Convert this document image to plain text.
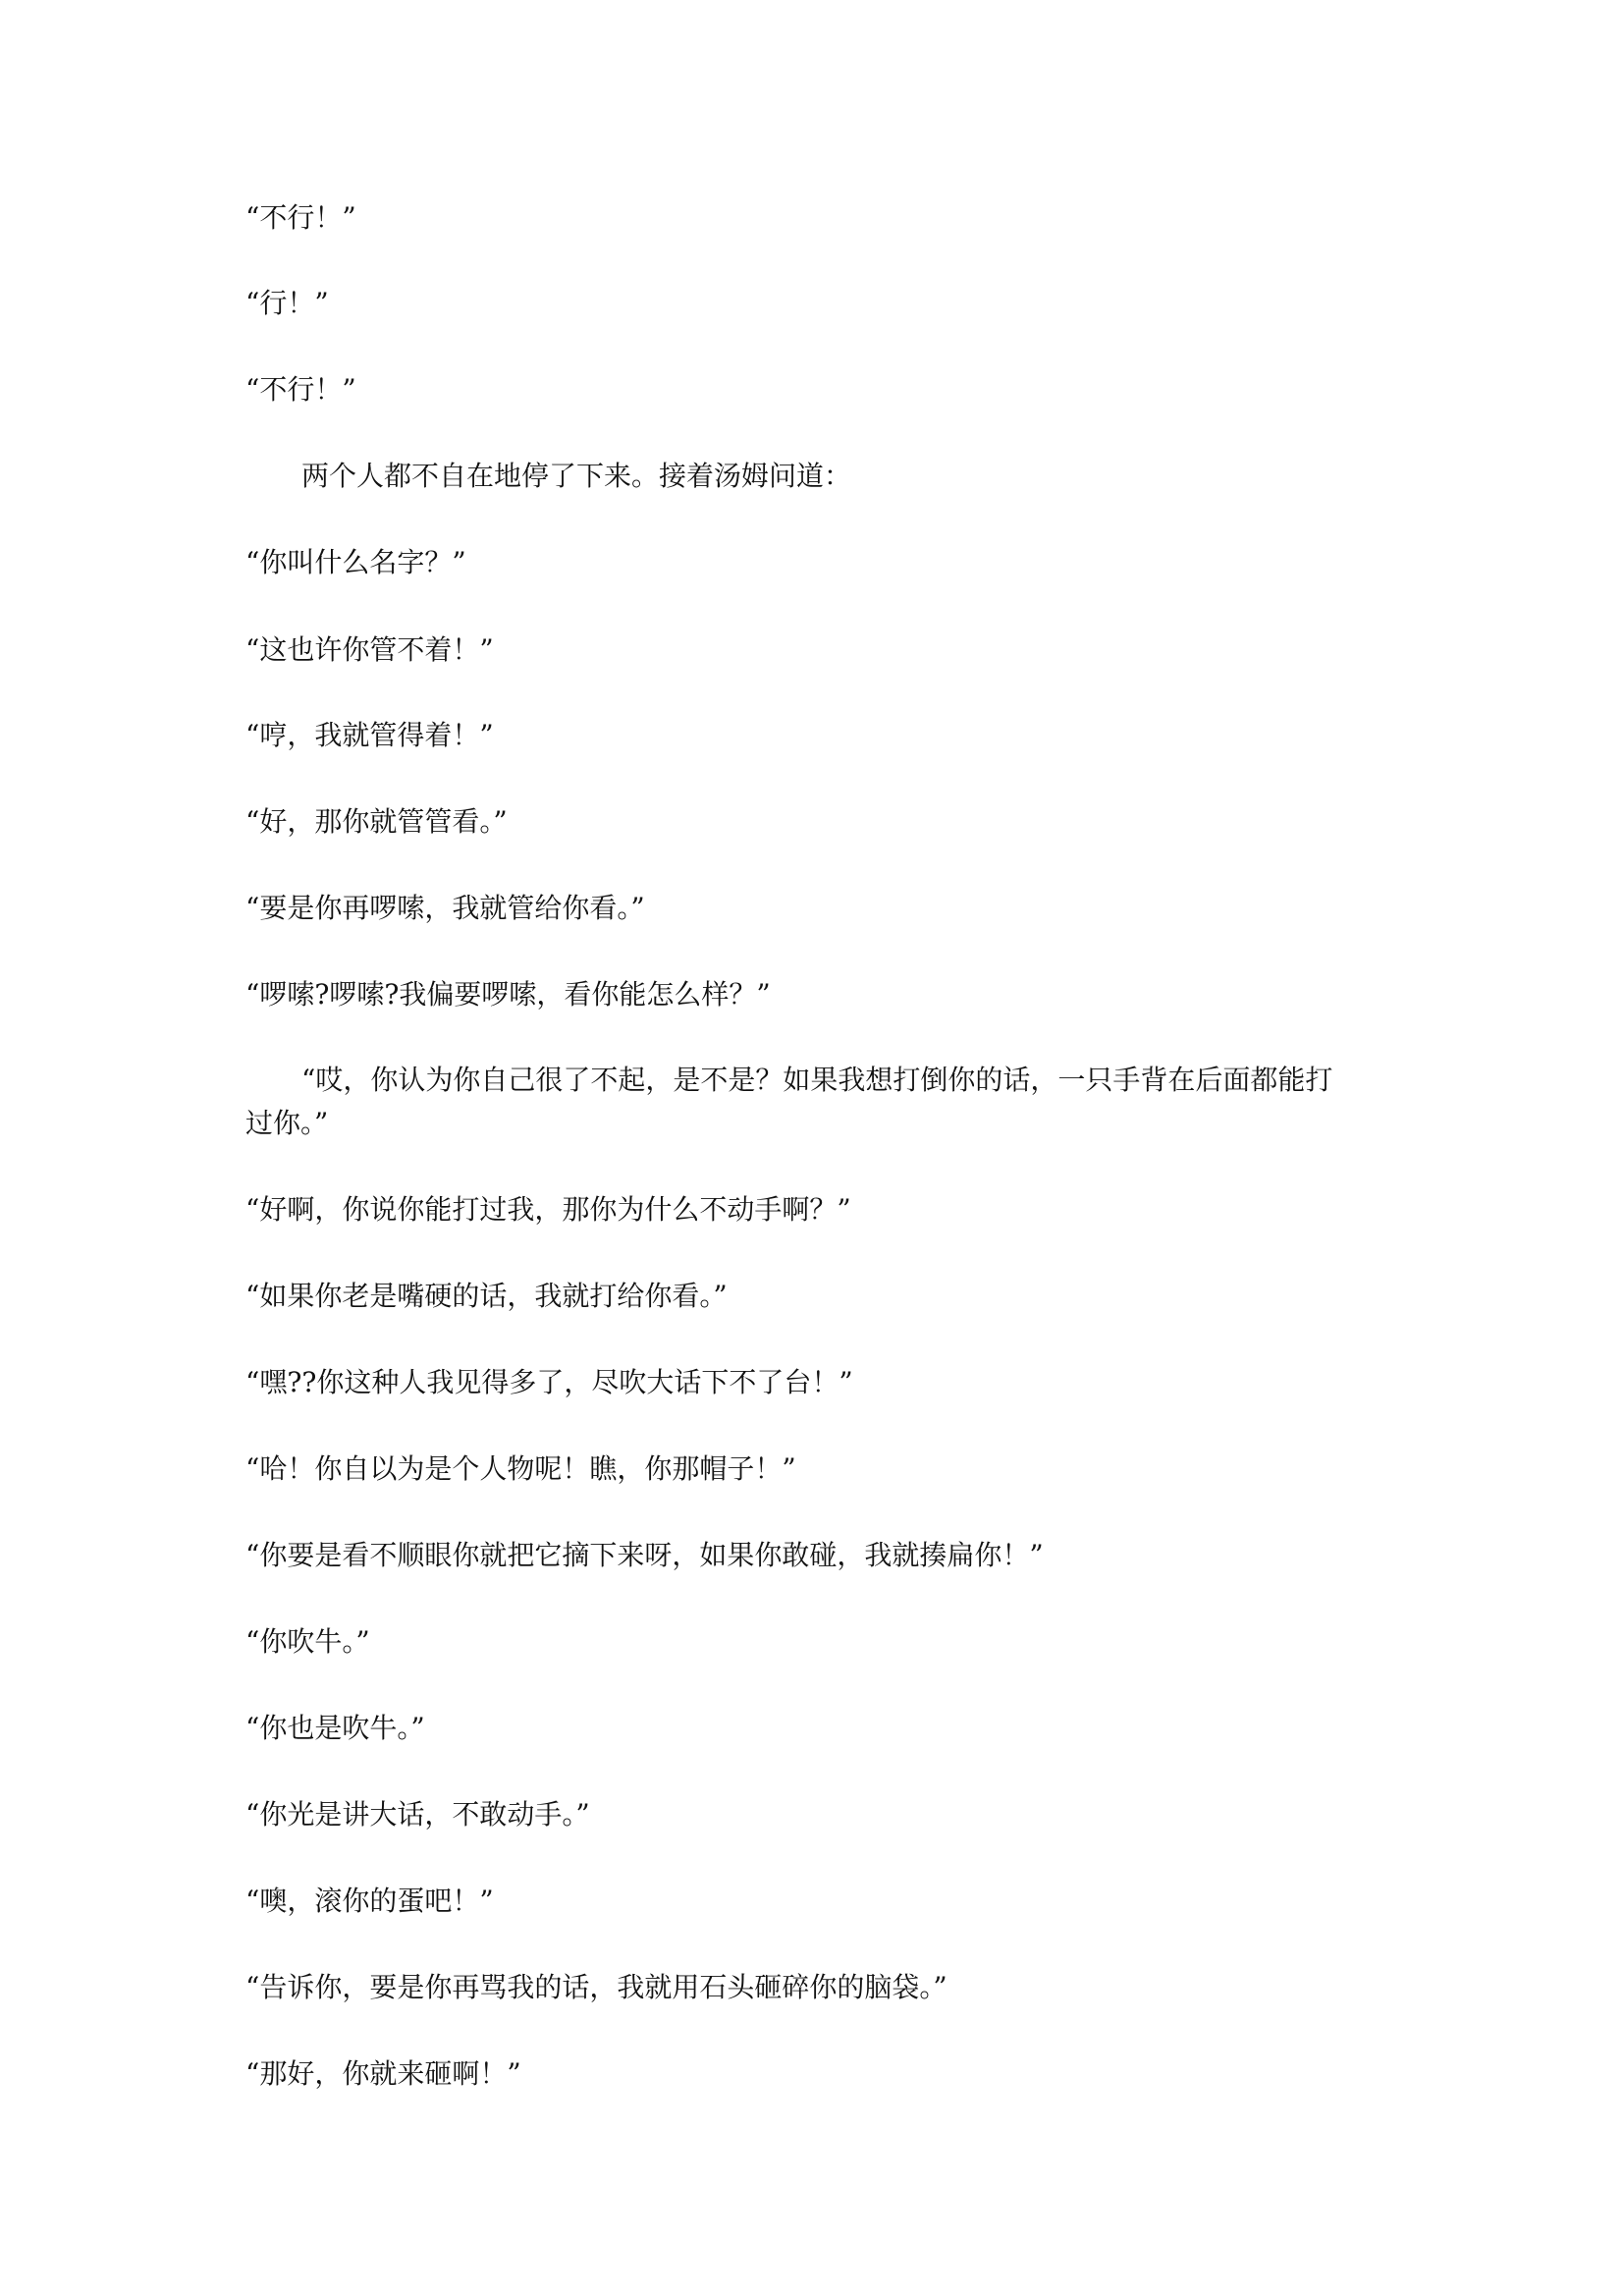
“不行！”
“行！”
“不行！”
两个人都不自在地停了下来。接着汤姆问道：
“你叫什么名字？”
“这也许你管不着！”
“哼，我就管得着！”
“好，那你就管管看。”
“要是你再啰嗦，我就管给你看。”
“啰嗦?啰嗦?我偏要啰嗦，看你能怎么样？”
“哎，你认为你自己很了不起，是不是？如果我想打倒你的话，一只手背在后面都能打
过你。”
“好啊，你说你能打过我，那你为什么不动手啊？”
“如果你老是嘴硬的话，我就打给你看。”
“嘿??你这种人我见得多了，尽吹大话下不了台！”
“哈！你自以为是个人物呢！瞧，你那帽子！”
“你要是看不顺眼你就把它摘下来呀，如果你敢碰，我就揍扁你！”
“你吹牛。”
“你也是吹牛。”
“你光是讲大话，不敢动手。”
“噢，滚你的蛋吧！”
“告诉你，要是你再骂我的话，我就用石头砸碎你的脑袋。”
“那好，你就来砸啊！”
